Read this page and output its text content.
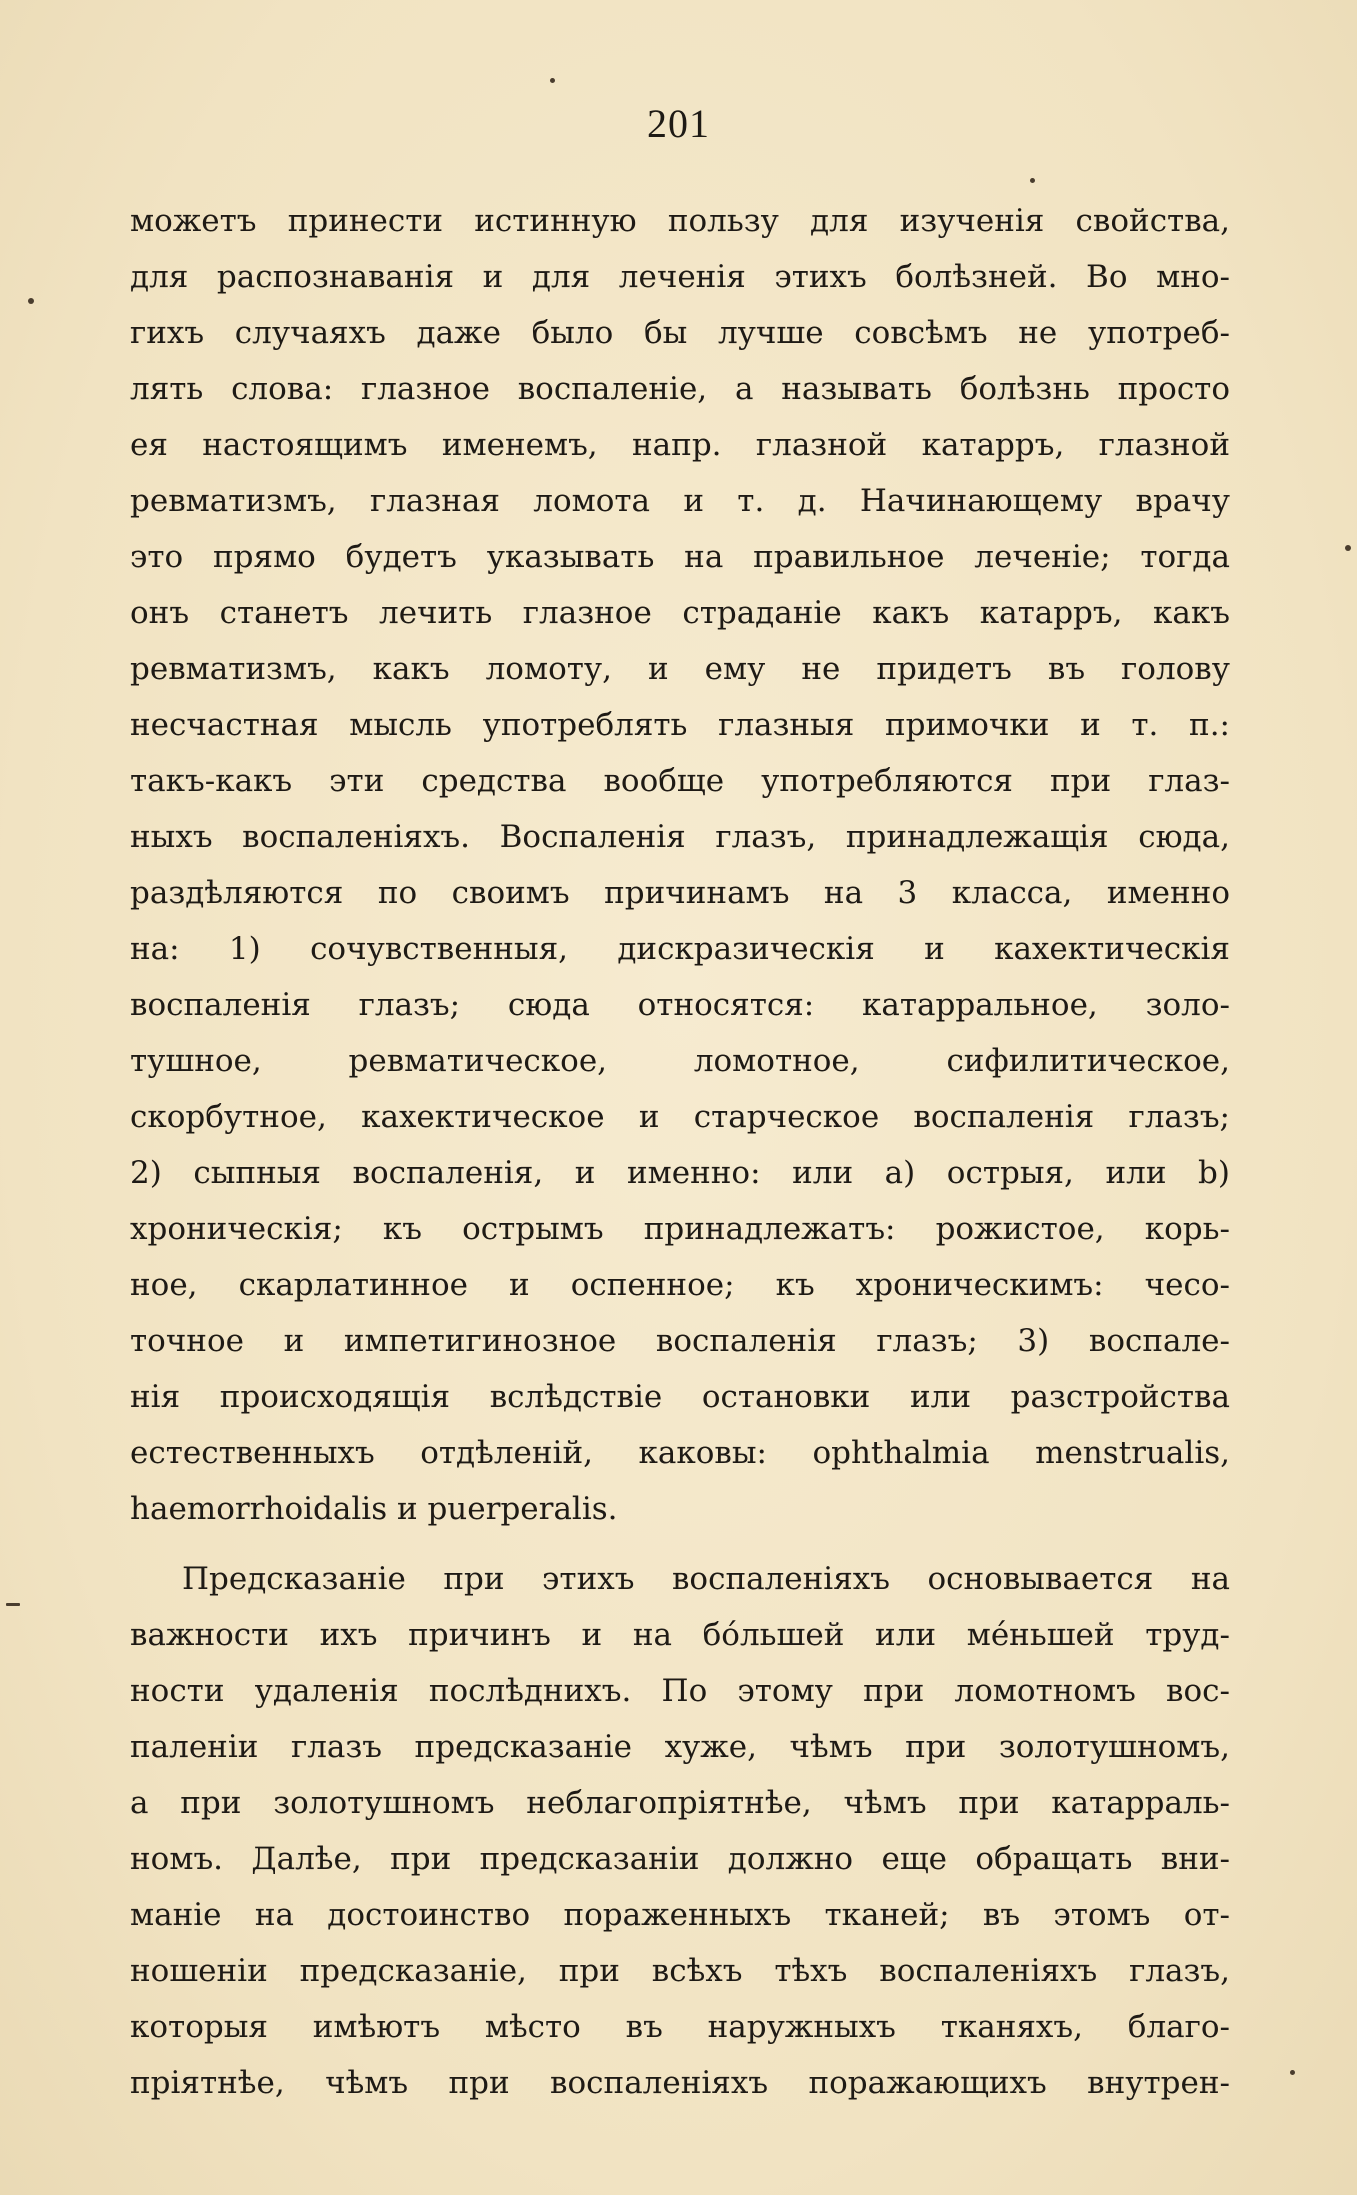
201
можетъ принести истинную пользу для изученія свойства,
для распознаванія и для леченія этихъ болѣзней. Во мно-
гихъ случаяхъ даже было бы лучше совсѣмъ не употреб-
лять слова: глазное воспаленіе, а называть болѣзнь просто
ея настоящимъ именемъ, напр. глазной катарръ, глазной
ревматизмъ, глазная ломота и т. д. Начинающему врачу
это прямо будетъ указывать на правильное леченіе; тогда
онъ станетъ лечить глазное страданіе какъ катарръ, какъ
ревматизмъ, какъ ломоту, и ему не придетъ въ голову
несчастная мысль употреблять глазныя примочки и т. п.:
такъ-какъ эти средства вообще употребляются при глаз-
ныхъ воспаленіяхъ. Воспаленія глазъ, принадлежащія сюда,
раздѣляются по своимъ причинамъ на 3 класса, именно
на: 1) сочувственныя, дискразическія и кахектическія
воспаленія глазъ; сюда относятся: катарральное, золо-
тушное, ревматическое, ломотное, сифилитическое,
скорбутное, кахектическое и старческое воспаленія глазъ;
2) сыпныя воспаленія, и именно: или а) острыя, или b)
хроническія; къ острымъ принадлежатъ: рожистое, корь-
ное, скарлатинное и оспенное; къ хроническимъ: чесо-
точное и импетигинозное воспаленія глазъ; 3) воспале-
нія происходящія вслѣдствіе остановки или разстройства
естественныхъ отдѣленій, каковы: ophthalmia menstrualis,
haemorrhoidalis и puerperalis.
Предсказаніе при этихъ воспаленіяхъ основывается на
важности ихъ причинъ и на бо́льшей или ме́ньшей труд-
ности удаленія послѣднихъ. По этому при ломотномъ вос-
паленіи глазъ предсказаніе хуже, чѣмъ при золотушномъ,
а при золотушномъ неблагопріятнѣе, чѣмъ при катарраль-
номъ. Далѣе, при предсказаніи должно еще обращать вни-
маніе на достоинство пораженныхъ тканей; въ этомъ от-
ношеніи предсказаніе, при всѣхъ тѣхъ воспаленіяхъ глазъ,
которыя имѣютъ мѣсто въ наружныхъ тканяхъ, благо-
пріятнѣе, чѣмъ при воспаленіяхъ поражающихъ внутрен-
